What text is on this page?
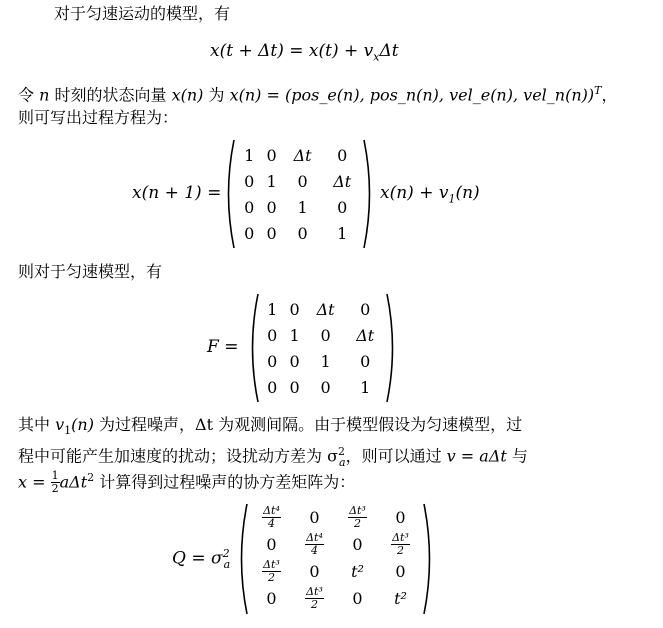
对于匀速运动的模型，有
$x(t + \Delta t) = x(t) + v_x\Delta t$
令 n 时刻的状态向量 x(n) 为 x(n) = (pos_e(n), pos_n(n), vel_e(n), vel_n(n))$^T$，
则可写出过程方程为：
x(n + 1) =
1	0	Δt	0
0	1	0	Δt
0	0	1	0
0	0	0	1
$x(n) + v_1(n)$
则对于匀速模型，有
F =
1	0	Δt	0
0	1	0	Δt
0	0	1	0
0	0	0	1
其中 $v_1(n)$ 为过程噪声，Δt 为观测间隔。由于模型假设为匀速模型，过
程中可能产生加速度的扰动；设扰动方差为 $\sigma^2_a$，则可以通过 v = aΔt 与
$x = \frac{1}{2} a\Delta t^2$ 计算得到过程噪声的协方差矩阵为：
$Q = \sigma^2_a$
$\frac{\text{Δt⁴}}{4}$	0	$\frac{\text{Δt³}}{2}$	0
0	$\frac{\text{Δt⁴}}{4}$	0	$\frac{\text{Δt³}}{2}$

$\frac{\text{Δt³}}{2}$	0	t²	0
0	$\frac{\text{Δt³}}{2}$	0	t²
